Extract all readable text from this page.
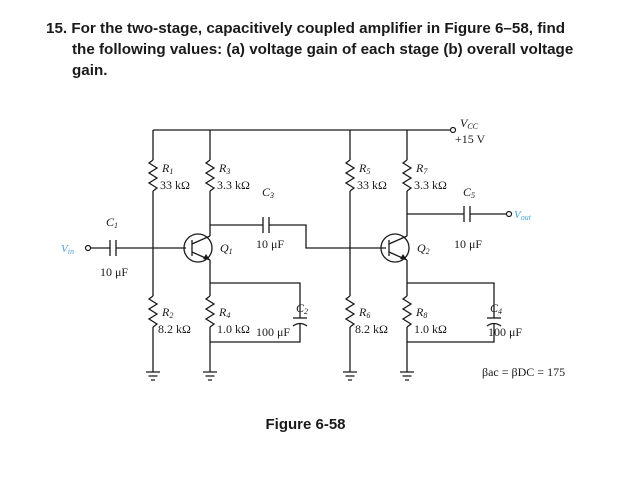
15. For the two-stage, capacitively coupled amplifier in Figure 6–58, find
the following values: (a) voltage gain of each stage (b) overall voltage
gain.
VCC
+15 V
Vin
Vout
R1
33 kΩ
R3
3.3 kΩ C3
10 μF
C1
10 μF
Q1
R2
8.2 kΩ
R4
1.0 kΩ
C2
100 μF
R5
33 kΩ
R7
3.3 kΩ C5
10 μF
Q2
R6
8.2 kΩ
R8
1.0 kΩ
C4
100 μF
βac = βDC = 175
Figure 6-58
